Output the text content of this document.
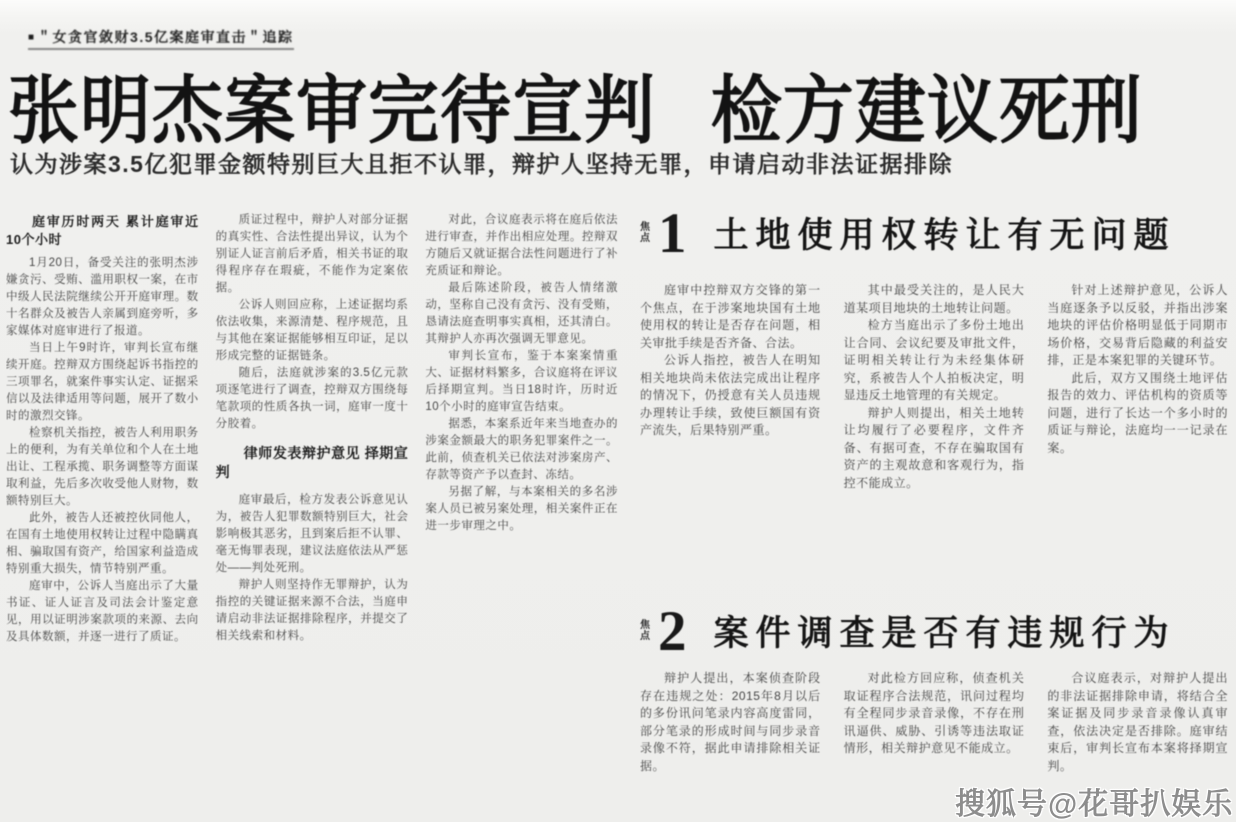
■ ＂女贪官敛财3.5亿案庭审直击＂追踪
张明杰案审完待宣判 检方建议死刑
认为涉案3.5亿犯罪金额特别巨大且拒不认罪，辩护人坚持无罪，申请启动非法证据排除

庭审历时两天 累计庭审近10个小时

1月20日，备受关注的张明杰涉嫌贪污、受贿、滥用职权一案，在市中级人民法院继续公开开庭审理。数十名群众及被告人亲属到庭旁听，多家媒体对庭审进行了报道。

当日上午9时许，审判长宣布继续开庭。控辩双方围绕起诉书指控的三项罪名，就案件事实认定、证据采信以及法律适用等问题，展开了数小时的激烈交锋。

检察机关指控，被告人利用职务上的便利，为有关单位和个人在土地出让、工程承揽、职务调整等方面谋取利益，先后多次收受他人财物，数额特别巨大。

此外，被告人还被控伙同他人，在国有土地使用权转让过程中隐瞒真相、骗取国有资产，给国家利益造成特别重大损失，情节特别严重。

庭审中，公诉人当庭出示了大量书证、证人证言及司法会计鉴定意见，用以证明涉案款项的来源、去向及具体数额，并逐一进行了质证。

质证过程中，辩护人对部分证据的真实性、合法性提出异议，认为个别证人证言前后矛盾，相关书证的取得程序存在瑕疵，不能作为定案依据。

公诉人则回应称，上述证据均系依法收集，来源清楚、程序规范，且与其他在案证据能够相互印证，足以形成完整的证据链条。

随后，法庭就涉案的3.5亿元款项逐笔进行了调查，控辩双方围绕每笔款项的性质各执一词，庭审一度十分胶着。

律师发表辩护意见 择期宣判

庭审最后，检方发表公诉意见认为，被告人犯罪数额特别巨大，社会影响极其恶劣，且到案后拒不认罪、毫无悔罪表现，建议法庭依法从严惩处——判处死刑。

辩护人则坚持作无罪辩护，认为指控的关键证据来源不合法，当庭申请启动非法证据排除程序，并提交了相关线索和材料。

对此，合议庭表示将在庭后依法进行审查，并作出相应处理。控辩双方随后又就证据合法性问题进行了补充质证和辩论。

最后陈述阶段，被告人情绪激动，坚称自己没有贪污、没有受贿，恳请法庭查明事实真相，还其清白。其辩护人亦再次强调无罪意见。

审判长宣布，鉴于本案案情重大、证据材料繁多，合议庭将在评议后择期宣判。当日18时许，历时近10个小时的庭审宣告结束。

据悉，本案系近年来当地查办的涉案金额最大的职务犯罪案件之一。此前，侦查机关已依法对涉案房产、存款等资产予以查封、冻结。

另据了解，与本案相关的多名涉案人员已被另案处理，相关案件正在进一步审理之中。

焦点 1 土地使用权转让有无问题

庭审中控辩双方交锋的第一个焦点，在于涉案地块国有土地使用权的转让是否存在问题，相关审批手续是否齐备、合法。

公诉人指控，被告人在明知相关地块尚未依法完成出让程序的情况下，仍授意有关人员违规办理转让手续，致使巨额国有资产流失，后果特别严重。

其中最受关注的，是人民大道某项目地块的土地转让问题。

检方当庭出示了多份土地出让合同、会议纪要及审批文件，证明相关转让行为未经集体研究，系被告人个人拍板决定，明显违反土地管理的有关规定。

辩护人则提出，相关土地转让均履行了必要程序，文件齐备、有据可查，不存在骗取国有资产的主观故意和客观行为，指控不能成立。

针对上述辩护意见，公诉人当庭逐条予以反驳，并指出涉案地块的评估价格明显低于同期市场价格，交易背后隐藏的利益安排，正是本案犯罪的关键环节。

此后，双方又围绕土地评估报告的效力、评估机构的资质等问题，进行了长达一个多小时的质证与辩论，法庭均一一记录在案。

焦点 2 案件调查是否有违规行为

辩护人提出，本案侦查阶段存在违规之处：2015年8月以后的多份讯问笔录内容高度雷同，部分笔录的形成时间与同步录音录像不符，据此申请排除相关证据。

对此检方回应称，侦查机关取证程序合法规范，讯问过程均有全程同步录音录像，不存在刑讯逼供、威胁、引诱等违法取证情形，相关辩护意见不能成立。

合议庭表示，对辩护人提出的非法证据排除申请，将结合全案证据及同步录音录像认真审查，依法决定是否排除。庭审结束后，审判长宣布本案将择期宣判。

搜狐号@花哥扒娱乐
